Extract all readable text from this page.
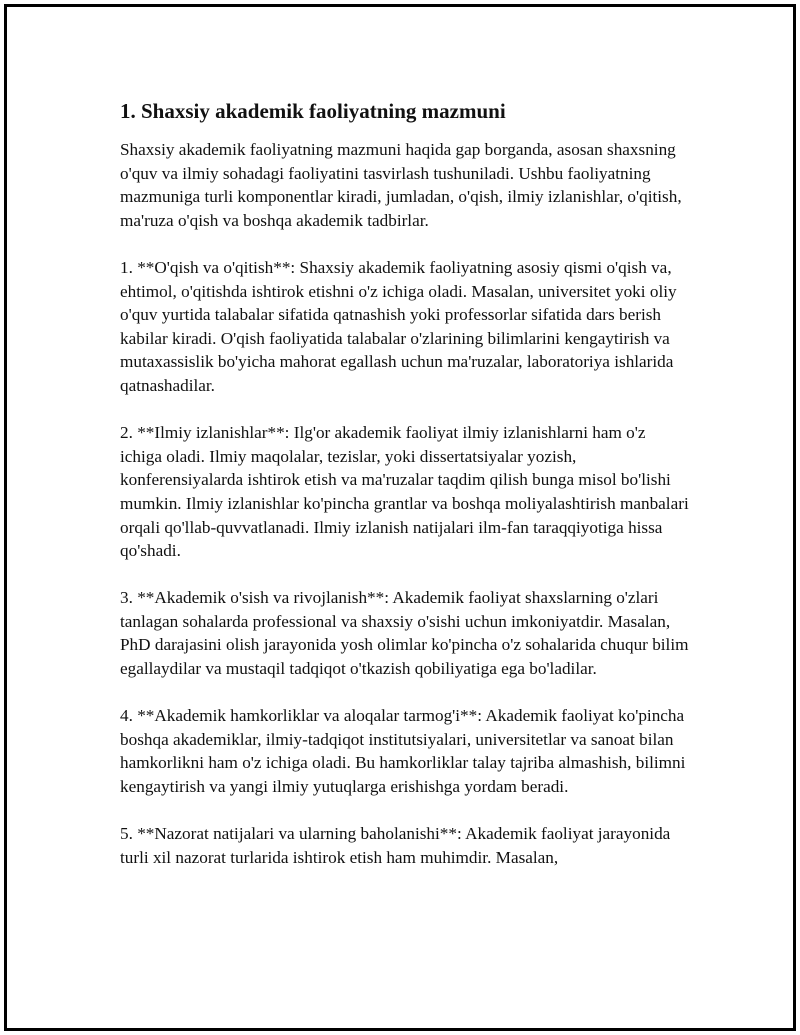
1. Shaxsiy akademik faoliyatning mazmuni

Shaxsiy akademik faoliyatning mazmuni haqida gap borganda, asosan shaxsning o'quv va ilmiy sohadagi faoliyatini tasvirlash tushuniladi. Ushbu faoliyatning mazmuniga turli komponentlar kiradi, jumladan, o'qish, ilmiy izlanishlar, o'qitish, ma'ruza o'qish va boshqa akademik tadbirlar.

1. **O'qish va o'qitish**: Shaxsiy akademik faoliyatning asosiy qismi o'qish va, ehtimol, o'qitishda ishtirok etishni o'z ichiga oladi. Masalan, universitet yoki oliy o'quv yurtida talabalar sifatida qatnashish yoki professorlar sifatida dars berish kabilar kiradi. O'qish faoliyatida talabalar o'zlarining bilimlarini kengaytirish va mutaxassislik bo'yicha mahorat egallash uchun ma'ruzalar, laboratoriya ishlarida qatnashadilar.

2. **Ilmiy izlanishlar**: Ilg'or akademik faoliyat ilmiy izlanishlarni ham o'z ichiga oladi. Ilmiy maqolalar, tezislar, yoki dissertatsiyalar yozish, konferensiyalarda ishtirok etish va ma'ruzalar taqdim qilish bunga misol bo'lishi mumkin. Ilmiy izlanishlar ko'pincha grantlar va boshqa moliyalashtirish manbalari orqali qo'llab-quvvatlanadi. Ilmiy izlanish natijalari ilm-fan taraqqiyotiga hissa qo'shadi.

3. **Akademik o'sish va rivojlanish**: Akademik faoliyat shaxslarning o'zlari tanlagan sohalarda professional va shaxsiy o'sishi uchun imkoniyatdir. Masalan, PhD darajasini olish jarayonida yosh olimlar ko'pincha o'z sohalarida chuqur bilim egallaydilar va mustaqil tadqiqot o'tkazish qobiliyatiga ega bo'ladilar.

4. **Akademik hamkorliklar va aloqalar tarmog'i**: Akademik faoliyat ko'pincha boshqa akademiklar, ilmiy-tadqiqot institutsiyalari, universitetlar va sanoat bilan hamkorlikni ham o'z ichiga oladi. Bu hamkorliklar talay tajriba almashish, bilimni kengaytirish va yangi ilmiy yutuqlarga erishishga yordam beradi.

5. **Nazorat natijalari va ularning baholanishi**: Akademik faoliyat jarayonida turli xil nazorat turlarida ishtirok etish ham muhimdir. Masalan,
